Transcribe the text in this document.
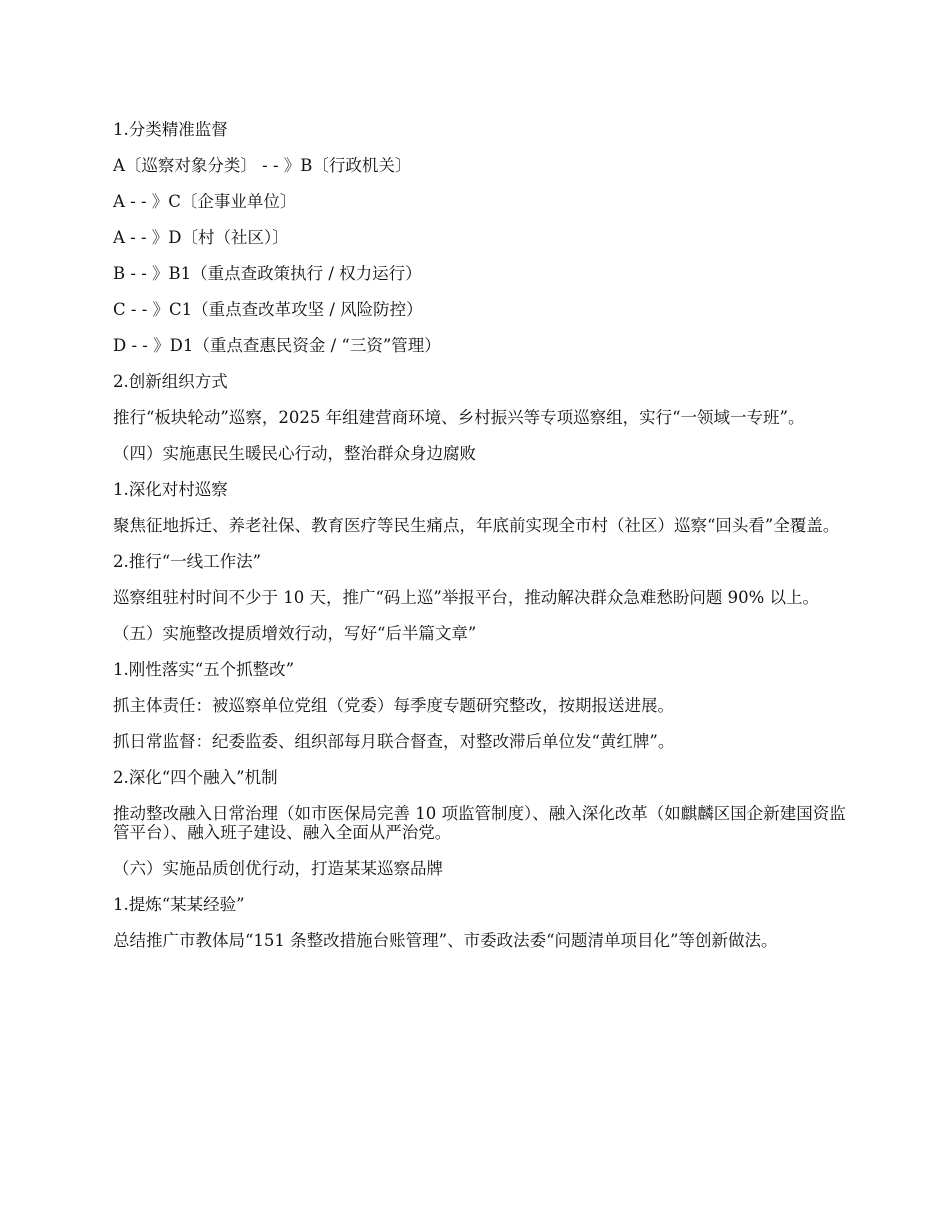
1.分类精准监督

A〔巡察对象分类〕 - - 》B〔行政机关〕

A - - 》C〔企事业单位〕

A - - 》D〔村（社区）〕

B - - 》B1（重点查政策执行 / 权力运行）

C - - 》C1（重点查改革攻坚 / 风险防控）

D - - 》D1（重点查惠民资金 / “三资”管理）

2.创新组织方式

推行“板块轮动”巡察，2025 年组建营商环境、乡村振兴等专项巡察组，实行“一领域一专班”。

（四）实施惠民生暖民心行动，整治群众身边腐败

1.深化对村巡察

聚焦征地拆迁、养老社保、教育医疗等民生痛点，年底前实现全市村（社区）巡察“回头看”全覆盖。

2.推行“一线工作法”

巡察组驻村时间不少于 10 天，推广“码上巡”举报平台，推动解决群众急难愁盼问题 90% 以上。

（五）实施整改提质增效行动，写好“后半篇文章”

1.刚性落实“五个抓整改”

抓主体责任：被巡察单位党组（党委）每季度专题研究整改，按期报送进展。

抓日常监督：纪委监委、组织部每月联合督查，对整改滞后单位发“黄红牌”。

2.深化“四个融入”机制

推动整改融入日常治理（如市医保局完善 10 项监管制度）、融入深化改革（如麒麟区国企新建国资监管平台）、融入班子建设、融入全面从严治党。

（六）实施品质创优行动，打造某某巡察品牌

1.提炼“某某经验”

总结推广市教体局“151 条整改措施台账管理”、市委政法委“问题清单项目化”等创新做法。
